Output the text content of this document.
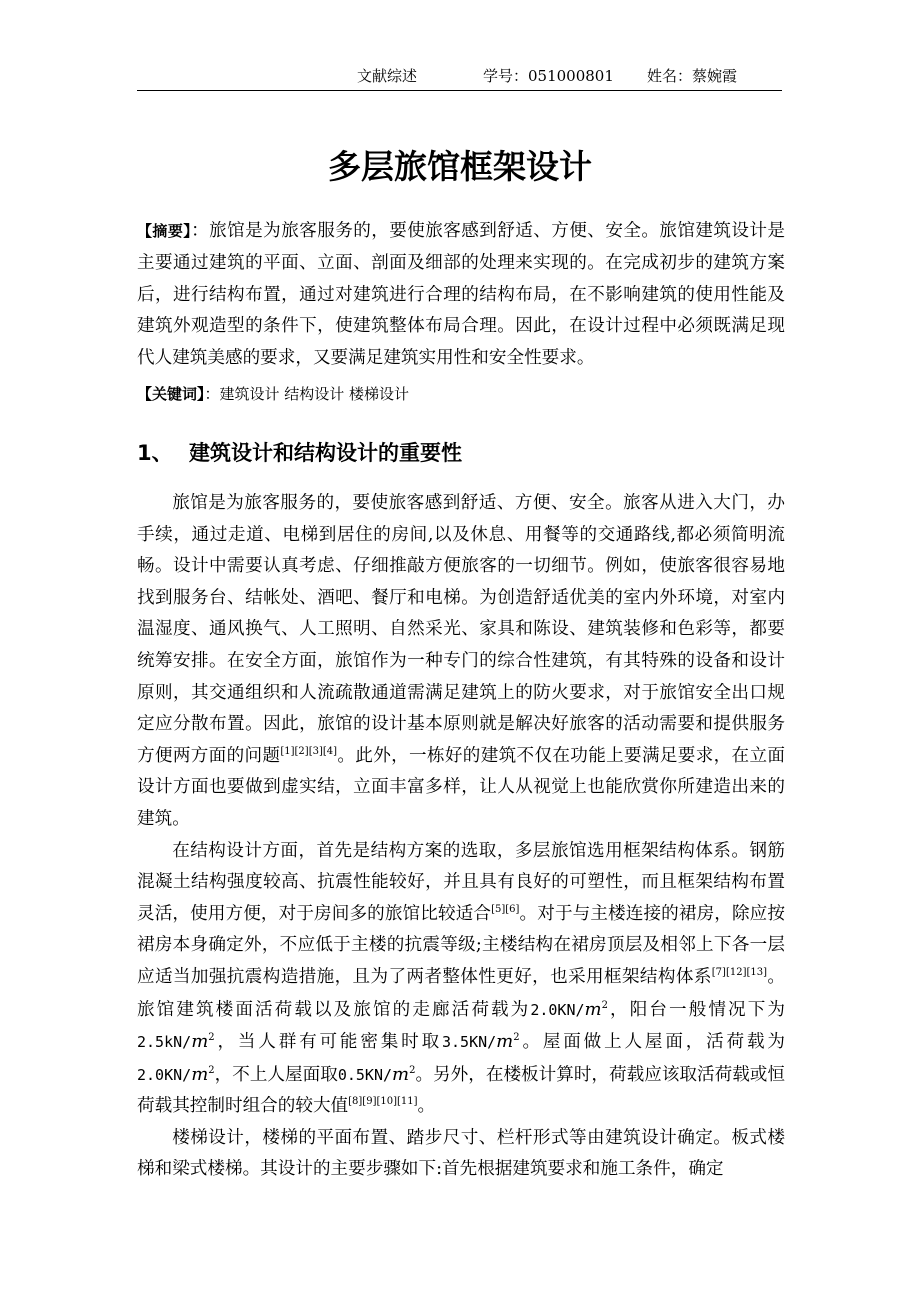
文献综述	学号：051000801 姓名：蔡婉霞
多层旅馆框架设计

【摘要】：旅馆是为旅客服务的，要使旅客感到舒适、方便、安全。旅馆建筑设计是主要通过建筑的平面、立面、剖面及细部的处理来实现的。在完成初步的建筑方案后，进行结构布置，通过对建筑进行合理的结构布局，在不影响建筑的使用性能及建筑外观造型的条件下，使建筑整体布局合理。因此，在设计过程中必须既满足现代人建筑美感的要求，又要满足建筑实用性和安全性要求。

【关键词】：建筑设计 结构设计 楼梯设计

1、 建筑设计和结构设计的重要性

旅馆是为旅客服务的，要使旅客感到舒适、方便、安全。旅客从进入大门，办手续，通过走道、电梯到居住的房间,以及休息、用餐等的交通路线,都必须简明流畅。设计中需要认真考虑、仔细推敲方便旅客的一切细节。例如，使旅客很容易地找到服务台、结帐处、酒吧、餐厅和电梯。为创造舒适优美的室内外环境，对室内温湿度、通风换气、人工照明、自然采光、家具和陈设、建筑装修和色彩等，都要统筹安排。在安全方面，旅馆作为一种专门的综合性建筑，有其特殊的设备和设计原则，其交通组织和人流疏散通道需满足建筑上的防火要求，对于旅馆安全出口规定应分散布置。因此，旅馆的设计基本原则就是解决好旅客的活动需要和提供服务方便两方面的问题[1][2][3][4]。此外，一栋好的建筑不仅在功能上要满足要求，在立面设计方面也要做到虚实结，立面丰富多样，让人从视觉上也能欣赏你所建造出来的建筑。

在结构设计方面，首先是结构方案的选取，多层旅馆选用框架结构体系。钢筋混凝土结构强度较高、抗震性能较好，并且具有良好的可塑性，而且框架结构布置灵活，使用方便，对于房间多的旅馆比较适合[5][6]。对于与主楼连接的裙房，除应按裙房本身确定外，不应低于主楼的抗震等级;主楼结构在裙房顶层及相邻上下各一层应适当加强抗震构造措施，且为了两者整体性更好，也采用框架结构体系[7][12][13]。旅馆建筑楼面活荷载以及旅馆的走廊活荷载为$2.0KN/m^2$，阳台一般情况下为$2.5kN/m^2$，当人群有可能密集时取$3.5KN/m^2$。屋面做上人屋面，活荷载为$2.0KN/m^2$，不上人屋面取$0.5KN/m^2$。另外，在楼板计算时，荷载应该取活荷载或恒荷载其控制时组合的较大值[8][9][10][11]。

楼梯设计，楼梯的平面布置、踏步尺寸、栏杆形式等由建筑设计确定。板式楼梯和梁式楼梯。其设计的主要步骤如下:首先根据建筑要求和施工条件，确定
